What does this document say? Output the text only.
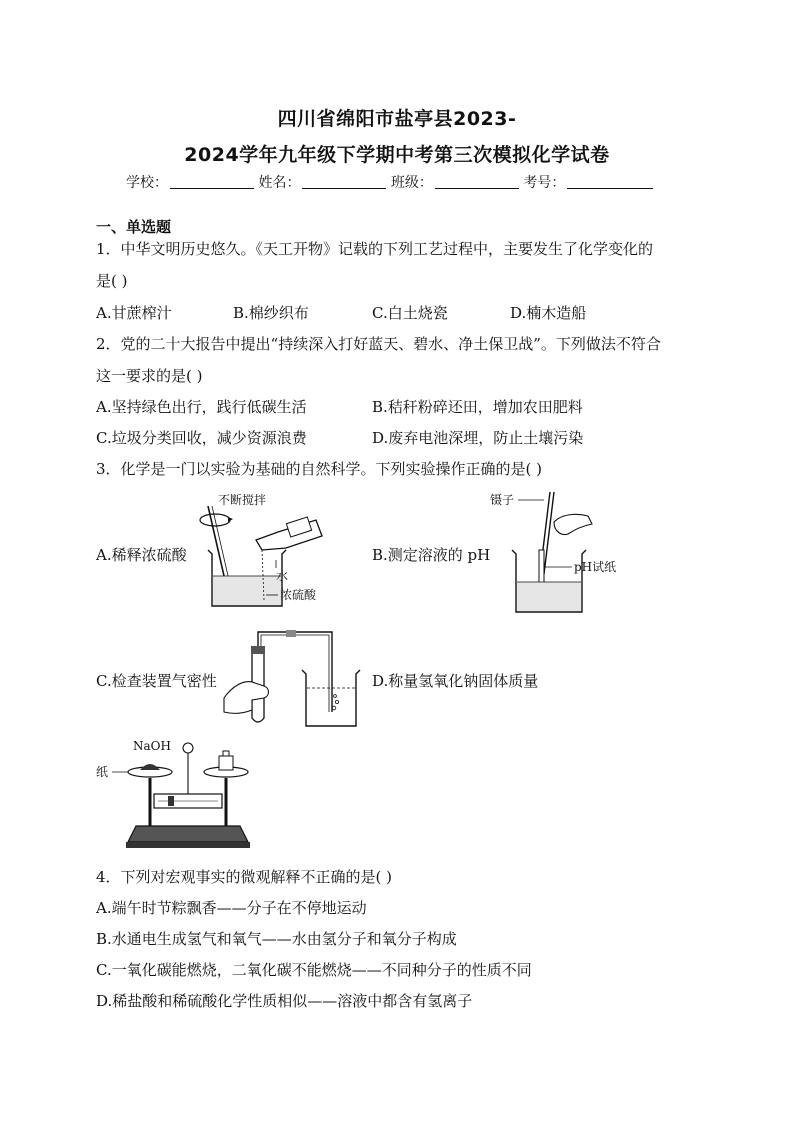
四川省绵阳市盐亭县2023-
2024学年九年级下学期中考第三次模拟化学试卷
学校：	姓名：	班级：	考号：
一、单选题
1．中华文明历史悠久。《天工开物》记载的下列工艺过程中，主要发生了化学变化的
是( )
A.甘蔗榨汁	B.棉纱织布	C.白土烧瓷	D.楠木造船
2．党的二十大报告中提出“持续深入打好蓝天、碧水、净土保卫战”。下列做法不符合
这一要求的是( )
A.坚持绿色出行，践行低碳生活	B.秸秆粉碎还田，增加农田肥料
C.垃圾分类回收，减少资源浪费	D.废弃电池深埋，防止土壤污染
3．化学是一门以实验为基础的自然科学。下列实验操作正确的是( )
A.稀释浓硫酸	B.测定溶液的 pH
C.检查装置气密性	D.称量氢氧化钠固体质量
不断搅拌
水
浓硫酸
镊子
pH试纸
NaOH
纸
4．下列对宏观事实的微观解释不正确的是( )
A.端午时节粽飘香——分子在不停地运动
B.水通电生成氢气和氧气——水由氢分子和氧分子构成
C.一氧化碳能燃烧，二氧化碳不能燃烧——不同种分子的性质不同
D.稀盐酸和稀硫酸化学性质相似——溶液中都含有氢离子
